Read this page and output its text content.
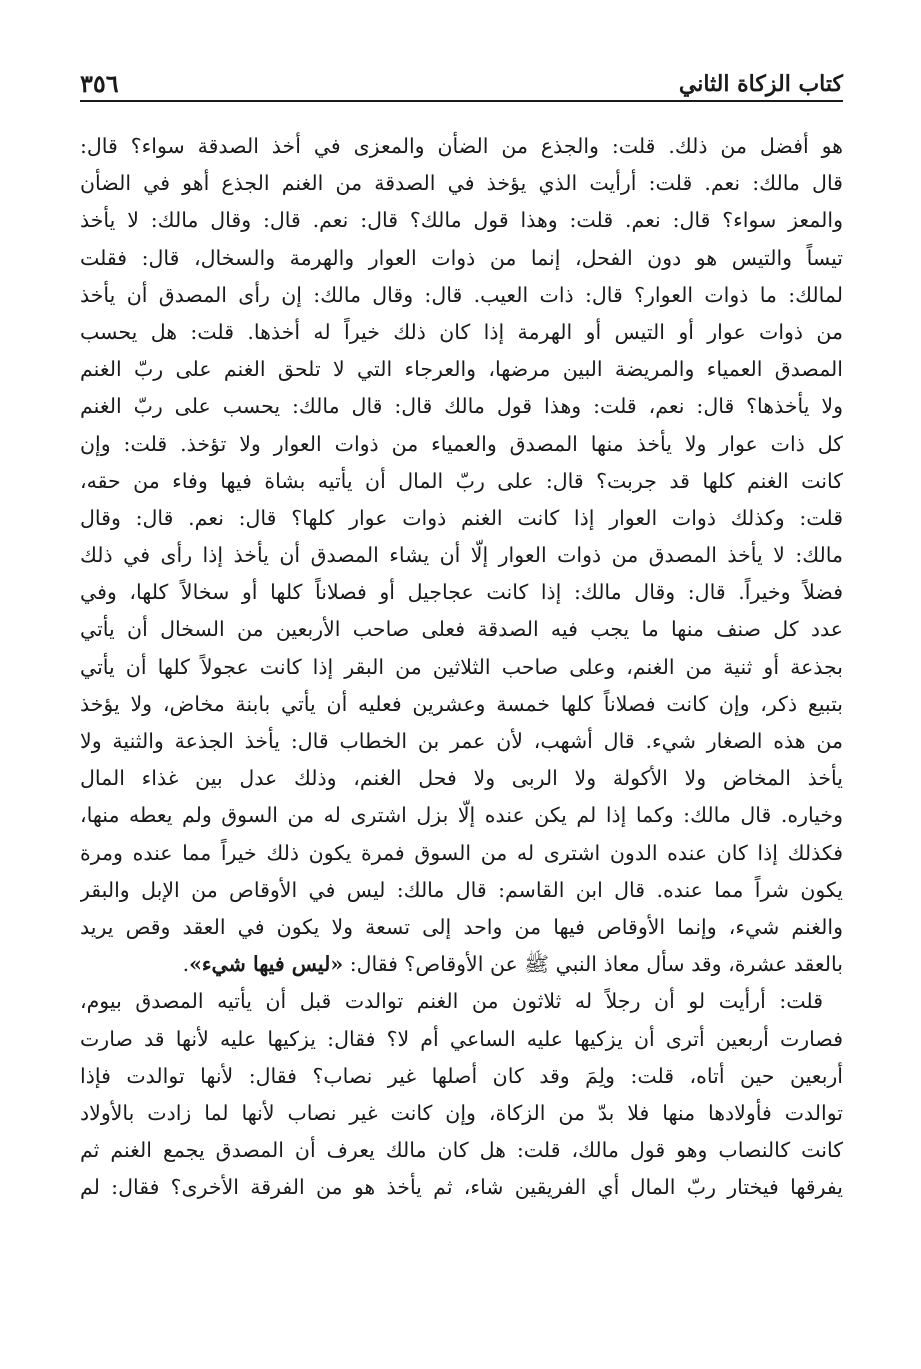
كتاب الزكاة الثاني
٣٥٦
هو أفضل من ذلك. قلت: والجذع من الضأن والمعزى في أخذ الصدقة سواء؟ قال:
قال مالك: نعم. قلت: أرأيت الذي يؤخذ في الصدقة من الغنم الجذع أهو في الضأن
والمعز سواء؟ قال: نعم. قلت: وهذا قول مالك؟ قال: نعم. قال: وقال مالك: لا يأخذ
تيساً والتيس هو دون الفحل، إنما من ذوات العوار والهرمة والسخال، قال: فقلت
لمالك: ما ذوات العوار؟ قال: ذات العيب. قال: وقال مالك: إن رأى المصدق أن يأخذ
من ذوات عوار أو التيس أو الهرمة إذا كان ذلك خيراً له أخذها. قلت: هل يحسب
المصدق العمياء والمريضة البين مرضها، والعرجاء التي لا تلحق الغنم على ربّ الغنم
ولا يأخذها؟ قال: نعم، قلت: وهذا قول مالك قال: قال مالك: يحسب على ربّ الغنم
كل ذات عوار ولا يأخذ منها المصدق والعمياء من ذوات العوار ولا تؤخذ. قلت: وإن
كانت الغنم كلها قد جربت؟ قال: على ربّ المال أن يأتيه بشاة فيها وفاء من حقه،
قلت: وكذلك ذوات العوار إذا كانت الغنم ذوات عوار كلها؟ قال: نعم. قال: وقال
مالك: لا يأخذ المصدق من ذوات العوار إلّا أن يشاء المصدق أن يأخذ إذا رأى في ذلك
فضلاً وخيراً. قال: وقال مالك: إذا كانت عجاجيل أو فصلاناً كلها أو سخالاً كلها، وفي
عدد كل صنف منها ما يجب فيه الصدقة فعلى صاحب الأربعين من السخال أن يأتي
بجذعة أو ثنية من الغنم، وعلى صاحب الثلاثين من البقر إذا كانت عجولاً كلها أن يأتي
بتبيع ذكر، وإن كانت فصلاناً كلها خمسة وعشرين فعليه أن يأتي بابنة مخاض، ولا يؤخذ
من هذه الصغار شيء. قال أشهب، لأن عمر بن الخطاب قال: يأخذ الجذعة والثنية ولا
يأخذ المخاض ولا الأكولة ولا الربى ولا فحل الغنم، وذلك عدل بين غذاء المال
وخياره. قال مالك: وكما إذا لم يكن عنده إلّا بزل اشترى له من السوق ولم يعطه منها،
فكذلك إذا كان عنده الدون اشترى له من السوق فمرة يكون ذلك خيراً مما عنده ومرة
يكون شراً مما عنده. قال ابن القاسم: قال مالك: ليس في الأوقاص من الإبل والبقر
والغنم شيء، وإنما الأوقاص فيها من واحد إلى تسعة ولا يكون في العقد وقص يريد
بالعقد عشرة، وقد سأل معاذ النبي ﷺ عن الأوقاص؟ فقال: «ليس فيها شيء».
قلت: أرأيت لو أن رجلاً له ثلاثون من الغنم توالدت قبل أن يأتيه المصدق بيوم،
فصارت أربعين أترى أن يزكيها عليه الساعي أم لا؟ فقال: يزكيها عليه لأنها قد صارت
أربعين حين أتاه، قلت: ولِمَ وقد كان أصلها غير نصاب؟ فقال: لأنها توالدت فإذا
توالدت فأولادها منها فلا بدّ من الزكاة، وإن كانت غير نصاب لأنها لما زادت بالأولاد
كانت كالنصاب وهو قول مالك، قلت: هل كان مالك يعرف أن المصدق يجمع الغنم ثم
يفرقها فيختار ربّ المال أي الفريقين شاء، ثم يأخذ هو من الفرقة الأخرى؟ فقال: لم
